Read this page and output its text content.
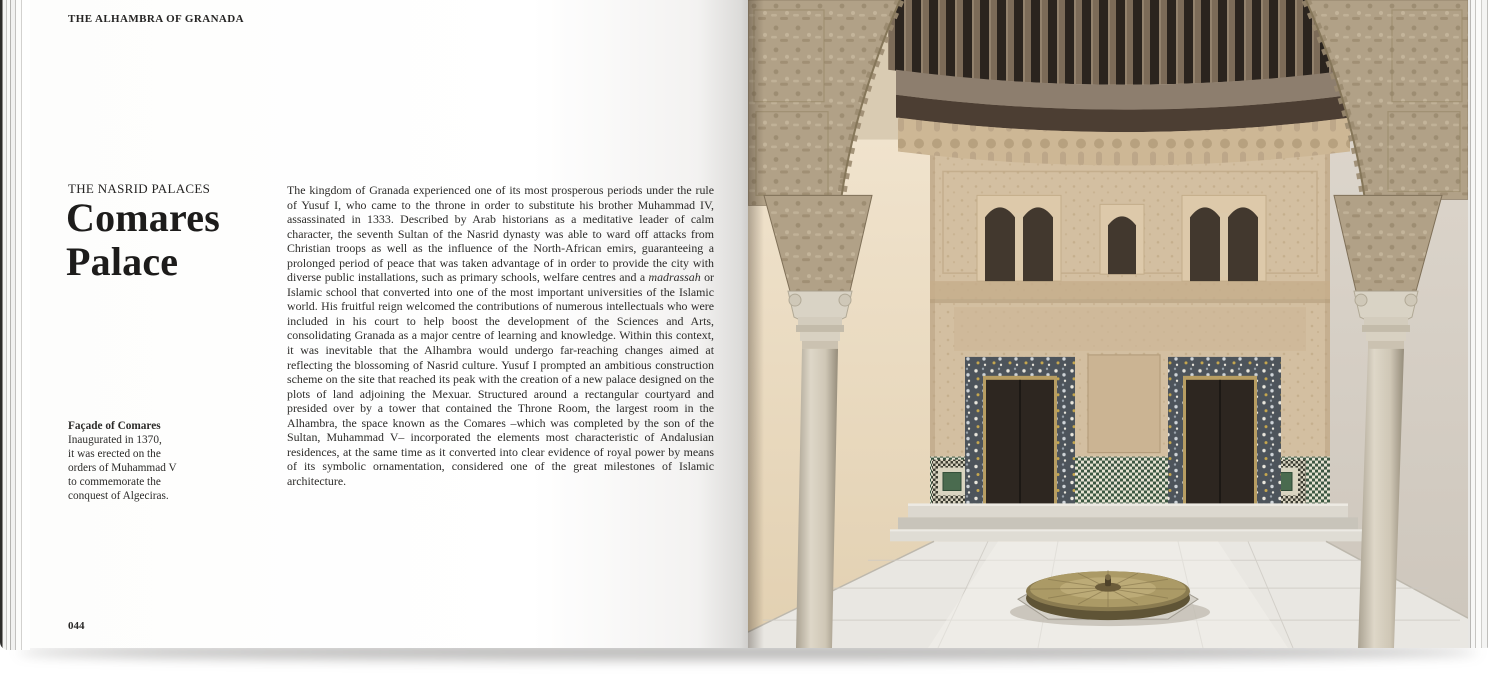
THE ALHAMBRA OF GRANADA
THE NASRID PALACES
Comares
Palace
The kingdom of Granada experienced one of its most prosperous periods under the rule of Yusuf I, who came to the throne in order to substitute his brother Muhammad IV, assassinated in 1333. Described by Arab historians as a meditative leader of calm character, the seventh Sultan of the Nasrid dynasty was able to ward off attacks from Christian troops as well as the influence of the North-African emirs, guaranteeing a prolonged period of peace that was taken advantage of in order to provide the city with diverse public installations, such as primary schools, welfare centres and a madrassah or Islamic school that converted into one of the most important universities of the Islamic world. His fruitful reign welcomed the contributions of numerous intellectuals who were included in his court to help boost the development of the Sciences and Arts, consolidating Granada as a major centre of learning and knowledge. Within this context, it was inevitable that the Alhambra would undergo far-reaching changes aimed at reflecting the blossoming of Nasrid culture. Yusuf I prompted an ambitious construction scheme on the site that reached its peak with the creation of a new palace designed on the plots of land adjoining the Mexuar. Structured around a rectangular courtyard and presided over by a tower that contained the Throne Room, the largest room in the Alhambra, the space known as the Comares –which was completed by the son of the Sultan, Muhammad V– incorporated the elements most characteristic of Andalusian residences, at the same time as it converted into clear evidence of royal power by means of its symbolic ornamentation, considered one of the great milestones of Islamic architecture.
Façade of Comares
Inaugurated in 1370,
it was erected on the
orders of Muhammad V
to commemorate the
conquest of Algeciras.
044
